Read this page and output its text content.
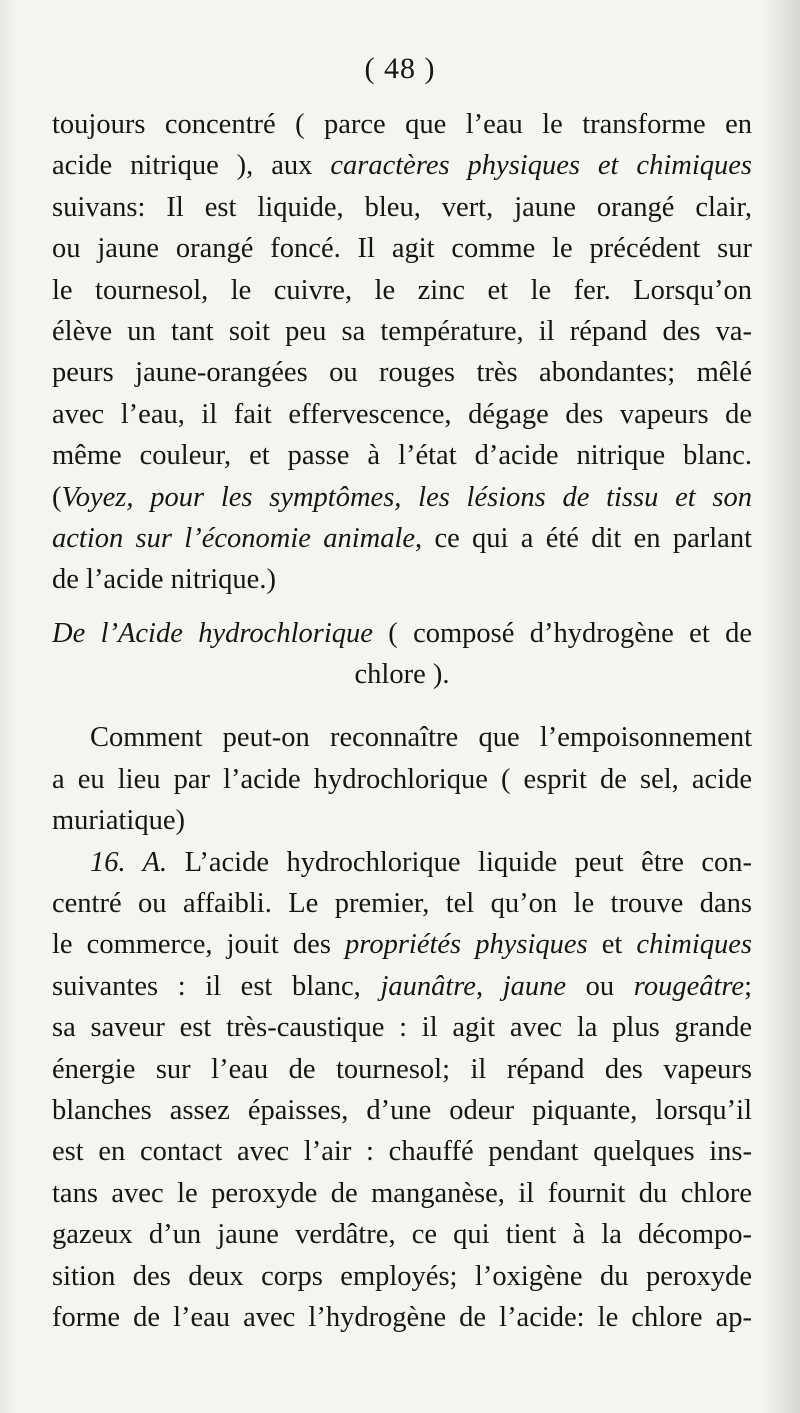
( 48 )
toujours concentré ( parce que l’eau le transforme en
acide nitrique ), aux caractères physiques et chimiques
suivans: Il est liquide, bleu, vert, jaune orangé clair,
ou jaune orangé foncé. Il agit comme le précédent sur
le tournesol, le cuivre, le zinc et le fer. Lorsqu’on
élève un tant soit peu sa température, il répand des va-
peurs jaune-orangées ou rouges très abondantes; mêlé
avec l’eau, il fait effervescence, dégage des vapeurs de
même couleur, et passe à l’état d’acide nitrique blanc.
(Voyez, pour les symptômes, les lésions de tissu et son
action sur l’économie animale, ce qui a été dit en parlant
de l’acide nitrique.)
De l’Acide hydrochlorique ( composé d’hydrogène et de
chlore ).
Comment peut-on reconnaître que l’empoisonnement
a eu lieu par l’acide hydrochlorique ( esprit de sel, acide
muriatique)
16. A. L’acide hydrochlorique liquide peut être con-
centré ou affaibli. Le premier, tel qu’on le trouve dans
le commerce, jouit des propriétés physiques et chimiques
suivantes : il est blanc, jaunâtre, jaune ou rougeâtre;
sa saveur est très-caustique : il agit avec la plus grande
énergie sur l’eau de tournesol; il répand des vapeurs
blanches assez épaisses, d’une odeur piquante, lorsqu’il
est en contact avec l’air : chauffé pendant quelques ins-
tans avec le peroxyde de manganèse, il fournit du chlore
gazeux d’un jaune verdâtre, ce qui tient à la décompo-
sition des deux corps employés; l’oxigène du peroxyde
forme de l’eau avec l’hydrogène de l’acide: le chlore ap-
